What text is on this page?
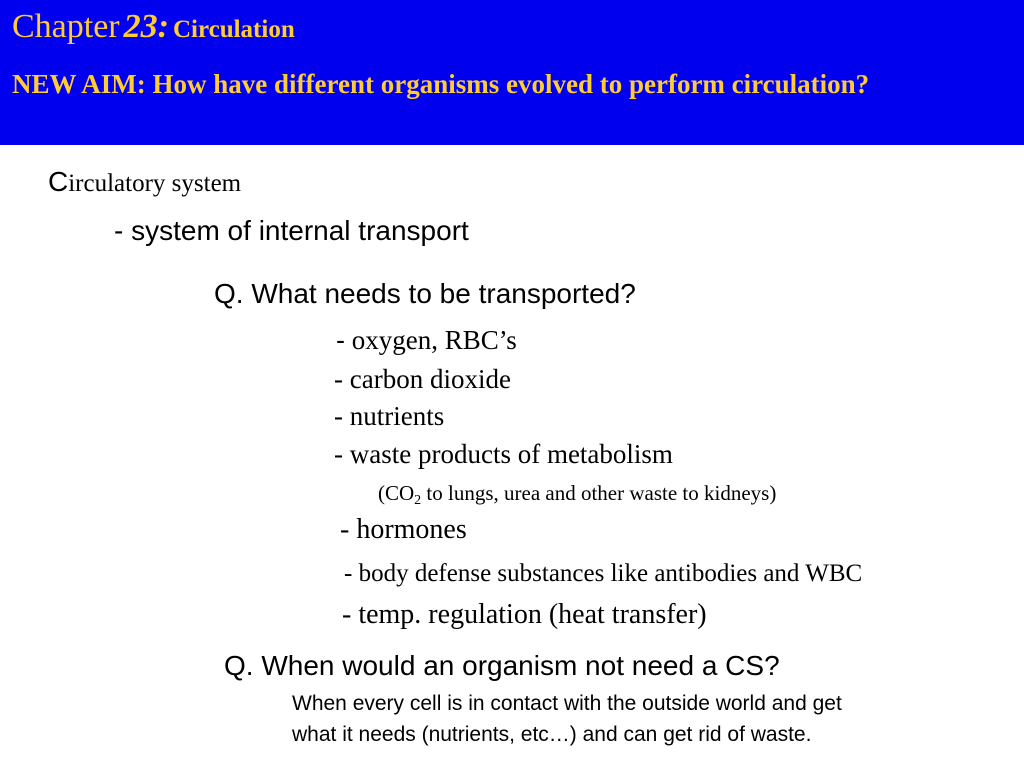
Chapter 23: Circulation
NEW AIM: How have different organisms evolved to perform circulation?
Circulatory system
- system of internal transport
Q. What needs to be transported?
- oxygen, RBC’s
- carbon dioxide
- nutrients
- waste products of metabolism
($CO_2$ to lungs, urea and other waste to kidneys)
- hormones
- body defense substances like antibodies and WBC
- temp. regulation (heat transfer)
Q. When would an organism not need a CS?
When every cell is in contact with the outside world and get
what it needs (nutrients, etc…) and can get rid of waste.
